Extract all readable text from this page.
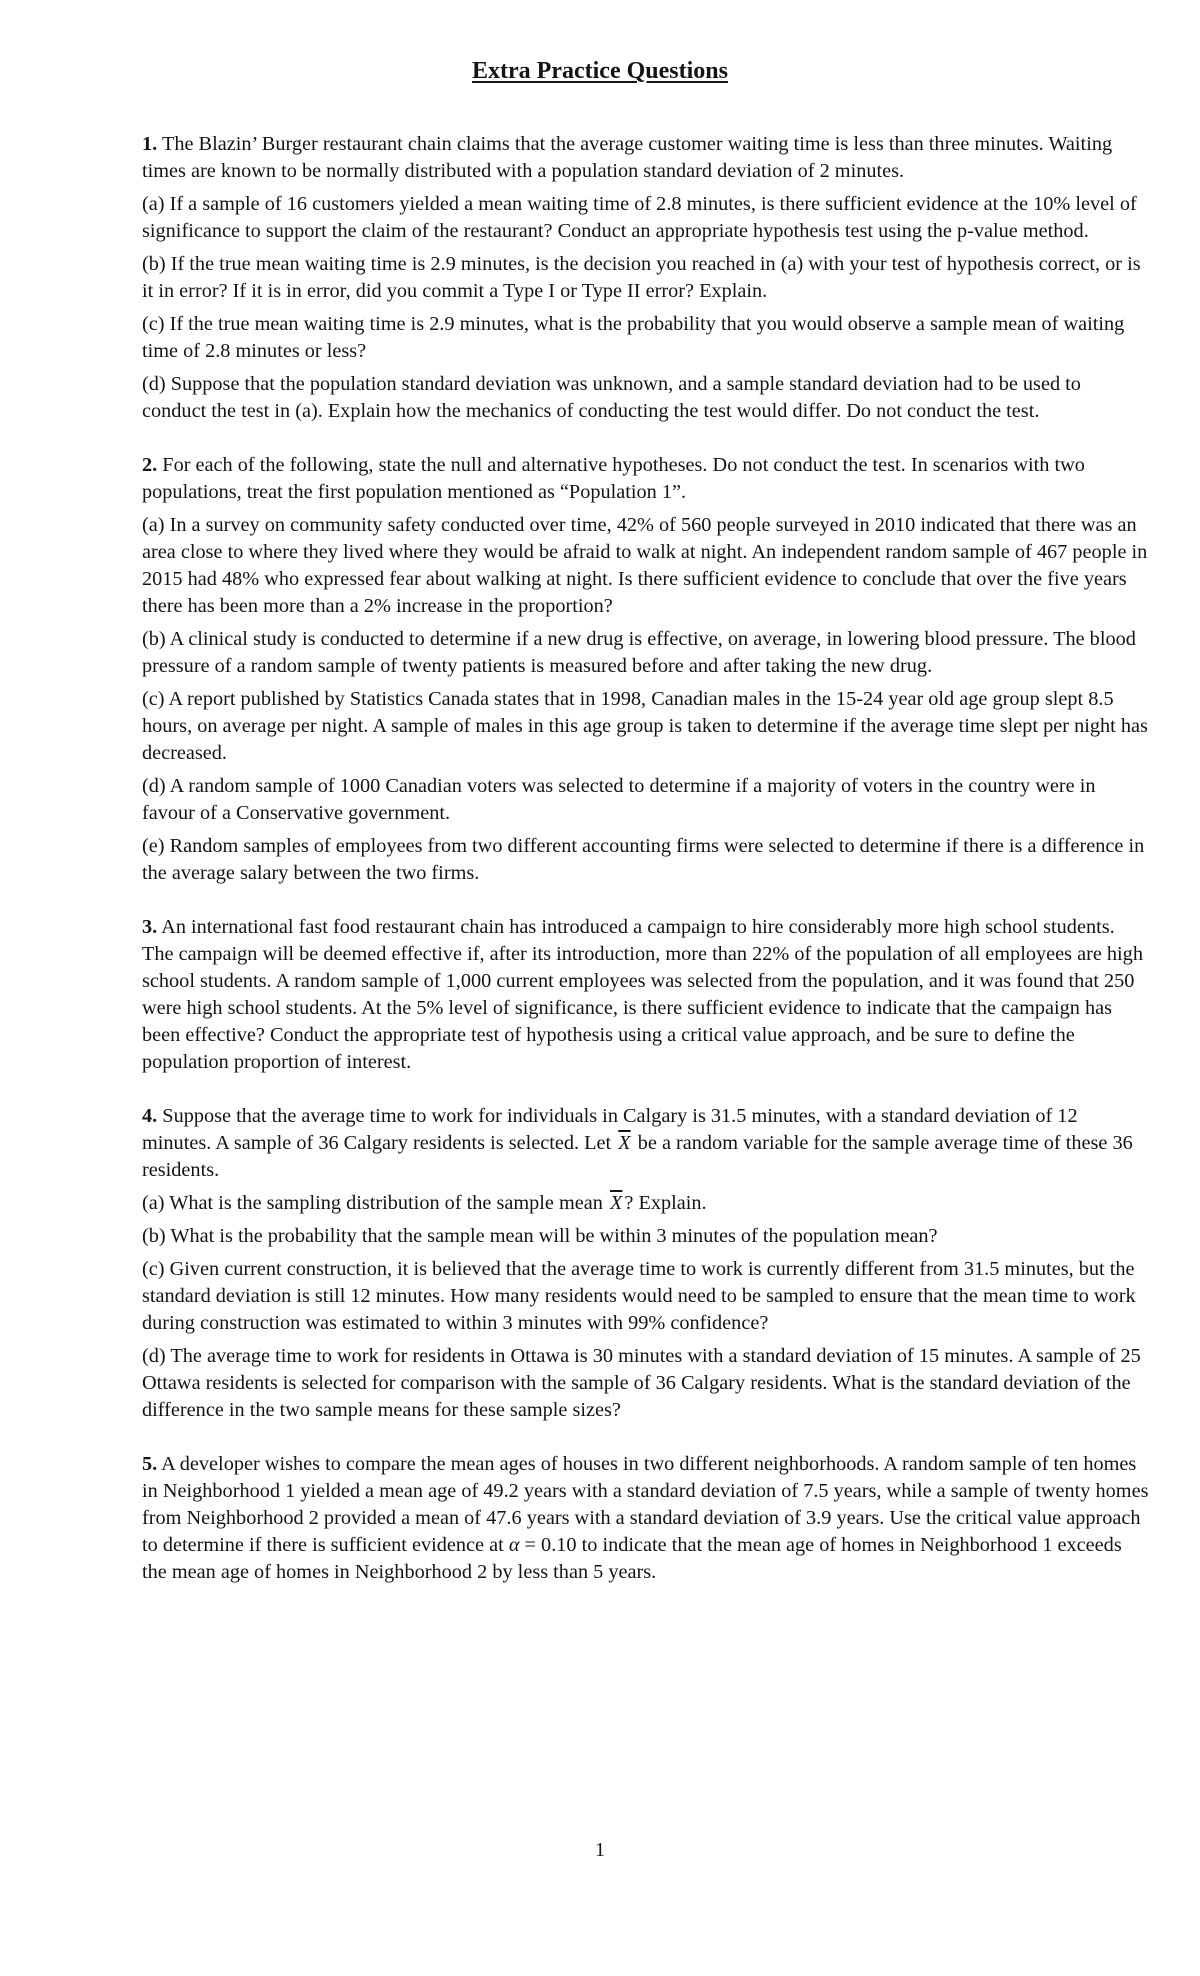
Extra Practice Questions

1. The Blazin’ Burger restaurant chain claims that the average customer waiting time is less than three minutes. Waiting times are known to be normally distributed with a population standard deviation of 2 minutes.

(a) If a sample of 16 customers yielded a mean waiting time of 2.8 minutes, is there sufficient evidence at the 10% level of significance to support the claim of the restaurant? Conduct an appropriate hypothesis test using the p-value method.

(b) If the true mean waiting time is 2.9 minutes, is the decision you reached in (a) with your test of hypothesis correct, or is it in error? If it is in error, did you commit a Type I or Type II error? Explain.

(c) If the true mean waiting time is 2.9 minutes, what is the probability that you would observe a sample mean of waiting time of 2.8 minutes or less?

(d) Suppose that the population standard deviation was unknown, and a sample standard deviation had to be used to conduct the test in (a). Explain how the mechanics of conducting the test would differ. Do not conduct the test.

2. For each of the following, state the null and alternative hypotheses. Do not conduct the test. In scenarios with two populations, treat the first population mentioned as “Population 1”.

(a) In a survey on community safety conducted over time, 42% of 560 people surveyed in 2010 indicated that there was an area close to where they lived where they would be afraid to walk at night. An independent random sample of 467 people in 2015 had 48% who expressed fear about walking at night. Is there sufficient evidence to conclude that over the five years there has been more than a 2% increase in the proportion?

(b) A clinical study is conducted to determine if a new drug is effective, on average, in lowering blood pressure. The blood pressure of a random sample of twenty patients is measured before and after taking the new drug.

(c) A report published by Statistics Canada states that in 1998, Canadian males in the 15-24 year old age group slept 8.5 hours, on average per night. A sample of males in this age group is taken to determine if the average time slept per night has decreased.

(d) A random sample of 1000 Canadian voters was selected to determine if a majority of voters in the country were in favour of a Conservative government.

(e) Random samples of employees from two different accounting firms were selected to determine if there is a difference in the average salary between the two firms.

3. An international fast food restaurant chain has introduced a campaign to hire considerably more high school students. The campaign will be deemed effective if, after its introduction, more than 22% of the population of all employees are high school students. A random sample of 1,000 current employees was selected from the population, and it was found that 250 were high school students. At the 5% level of significance, is there sufficient evidence to indicate that the campaign has been effective? Conduct the appropriate test of hypothesis using a critical value approach, and be sure to define the population proportion of interest.

4. Suppose that the average time to work for individuals in Calgary is 31.5 minutes, with a standard deviation of 12 minutes. A sample of 36 Calgary residents is selected. Let $\overline{X}$ be a random variable for the sample average time of these 36 residents.

(a) What is the sampling distribution of the sample mean $\overline{X}$? Explain.

(b) What is the probability that the sample mean will be within 3 minutes of the population mean?

(c) Given current construction, it is believed that the average time to work is currently different from 31.5 minutes, but the standard deviation is still 12 minutes. How many residents would need to be sampled to ensure that the mean time to work during construction was estimated to within 3 minutes with 99% confidence?

(d) The average time to work for residents in Ottawa is 30 minutes with a standard deviation of 15 minutes. A sample of 25 Ottawa residents is selected for comparison with the sample of 36 Calgary residents. What is the standard deviation of the difference in the two sample means for these sample sizes?

5. A developer wishes to compare the mean ages of houses in two different neighborhoods. A random sample of ten homes in Neighborhood 1 yielded a mean age of 49.2 years with a standard deviation of 7.5 years, while a sample of twenty homes from Neighborhood 2 provided a mean of 47.6 years with a standard deviation of 3.9 years. Use the critical value approach to determine if there is sufficient evidence at α = 0.10 to indicate that the mean age of homes in Neighborhood 1 exceeds the mean age of homes in Neighborhood 2 by less than 5 years.

1
